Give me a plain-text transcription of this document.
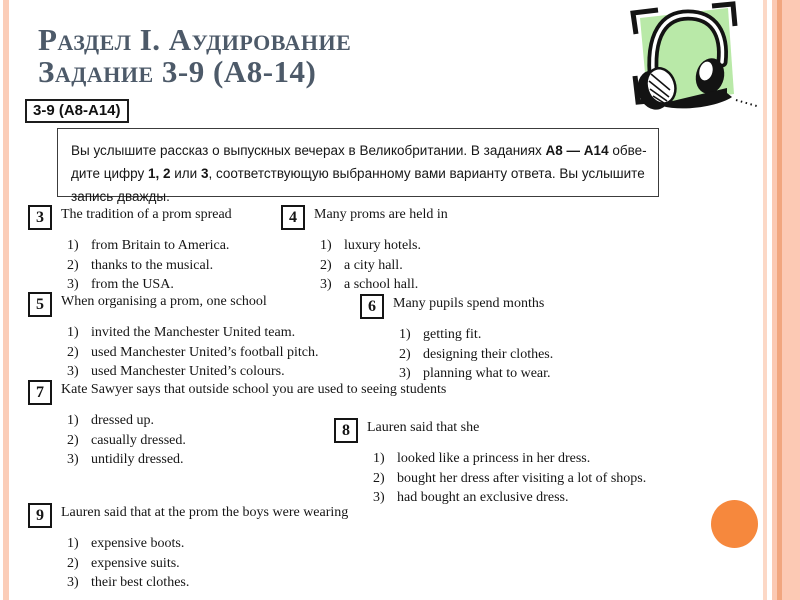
Раздел I. Аудирование
Задание 3-9 (А8-14)
3-9 (A8-A14)
Вы услышите рассказ о выпускных вечерах в Великобритании. В заданиях А8 — А14 обве-
дите цифру 1, 2 или 3, соответствующую выбранному вами варианту ответа. Вы услышите
запись дважды.
3 The tradition of a prom spread
1) from Britain to America.
2) thanks to the musical.
3) from the USA.
4 Many proms are held in
1) luxury hotels.
2) a city hall.
3) a school hall.
5 When organising a prom, one school
1) invited the Manchester United team.
2) used Manchester United’s football pitch.
3) used Manchester United’s colours.
6 Many pupils spend months
1) getting fit.
2) designing their clothes.
3) planning what to wear.
7 Kate Sawyer says that outside school you are used to seeing students
1) dressed up.
2) casually dressed.
3) untidily dressed.
8 Lauren said that she
1) looked like a princess in her dress.
2) bought her dress after visiting a lot of shops.
3) had bought an exclusive dress.
9 Lauren said that at the prom the boys were wearing
1) expensive boots.
2) expensive suits.
3) their best clothes.
